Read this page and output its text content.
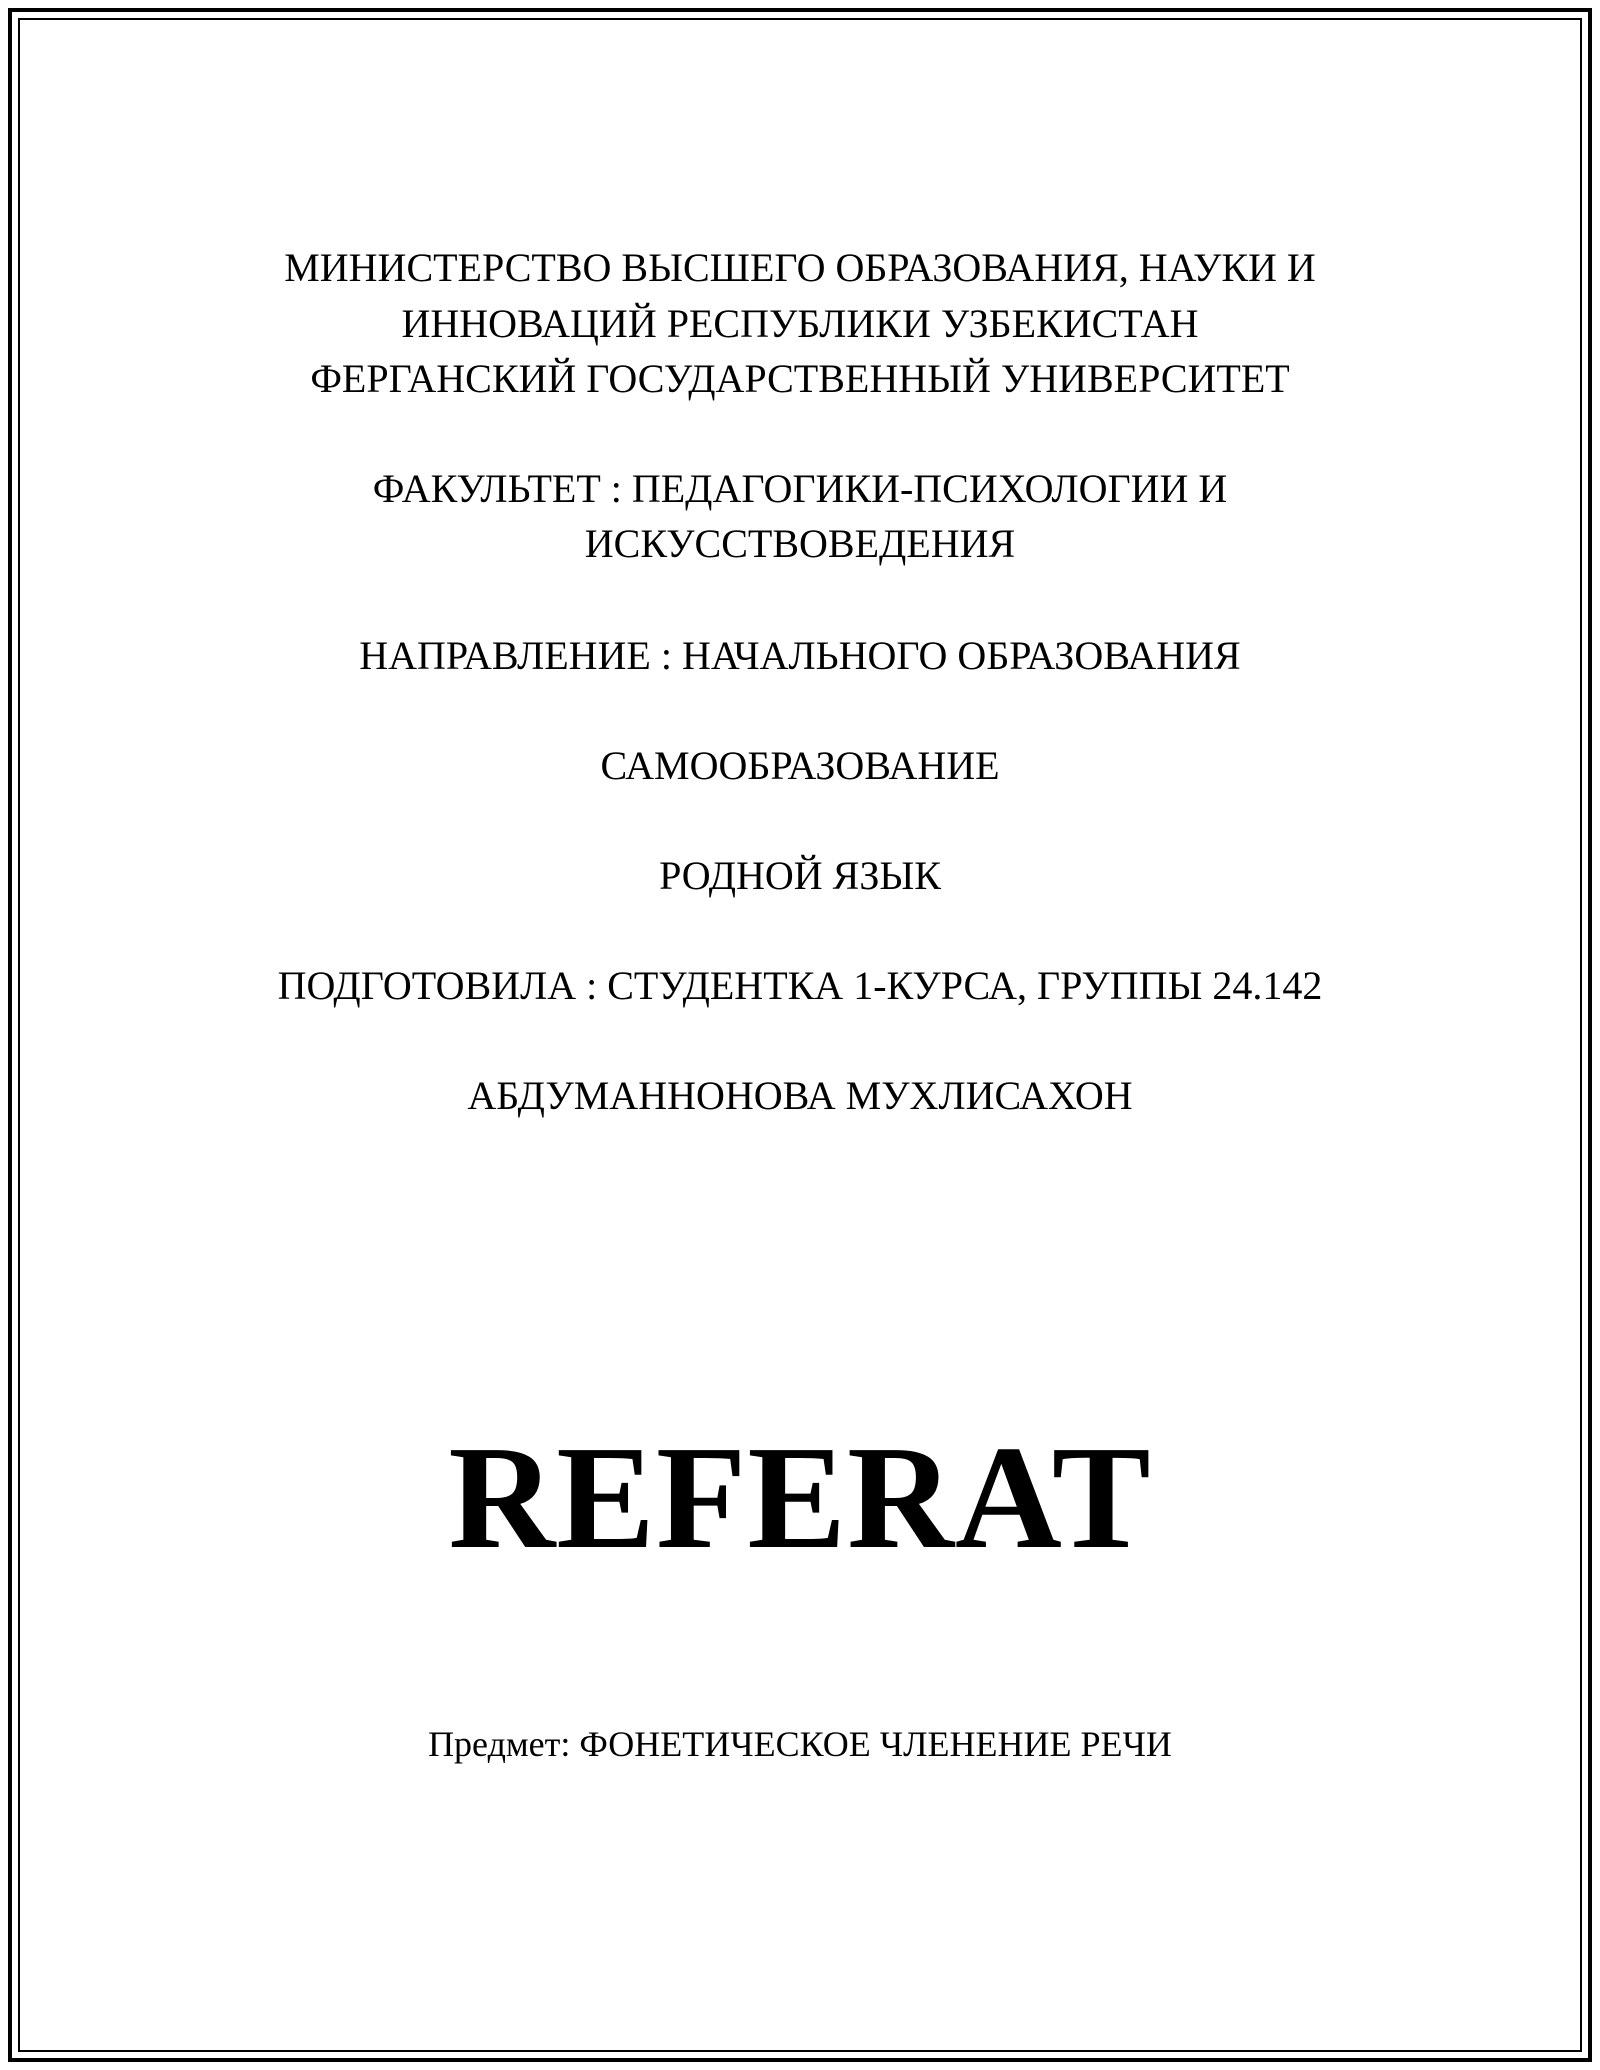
МИНИСТЕРСТВО ВЫСШЕГО ОБРАЗОВАНИЯ, НАУКИ И

ИННОВАЦИЙ РЕСПУБЛИКИ УЗБЕКИСТАН

ФЕРГАНСКИЙ ГОСУДАРСТВЕННЫЙ УНИВЕРСИТЕТ

ФАКУЛЬТЕТ : ПЕДАГОГИКИ-ПСИХОЛОГИИ И

ИСКУССТВОВЕДЕНИЯ

НАПРАВЛЕНИЕ : НАЧАЛЬНОГО ОБРАЗОВАНИЯ

САМООБРАЗОВАНИЕ

РОДНОЙ ЯЗЫК

ПОДГОТОВИЛА : СТУДЕНТКА 1-КУРСА, ГРУППЫ 24.142

АБДУМАННОНОВА МУХЛИСАХОН

REFERAT

Предмет: ФОНЕТИЧЕСКОЕ ЧЛЕНЕНИЕ РЕЧИ
